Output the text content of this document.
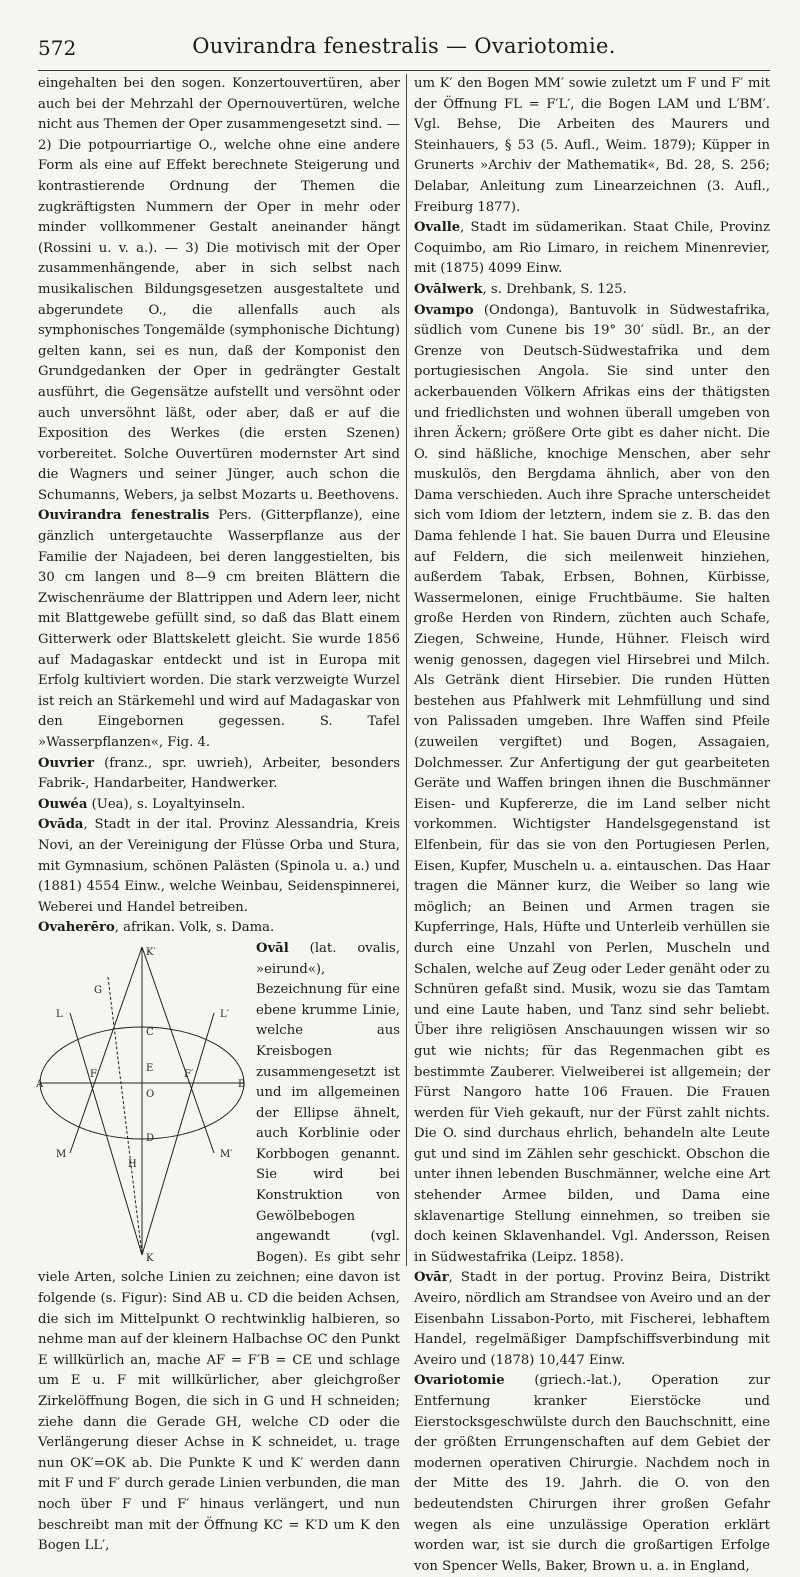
572	Ouvirandra fenestralis — Ovariotomie.

eingehalten bei den sogen. Konzertouvertüren, aber auch bei der Mehrzahl der Opernouvertüren, welche nicht aus Themen der Oper zusammengesetzt sind. — 2) Die potpourriartige O., welche ohne eine andere Form als eine auf Effekt berechnete Steigerung und kontrastierende Ordnung der Themen die zugkräftigsten Nummern der Oper in mehr oder minder vollkommener Gestalt aneinander hängt (Rossini u. v. a.). — 3) Die motivisch mit der Oper zusammenhängende, aber in sich selbst nach musikalischen Bildungsgesetzen ausgestaltete und abgerundete O., die allenfalls auch als symphonisches Tongemälde (symphonische Dichtung) gelten kann, sei es nun, daß der Komponist den Grundgedanken der Oper in gedrängter Gestalt ausführt, die Gegensätze aufstellt und versöhnt oder auch unversöhnt läßt, oder aber, daß er auf die Exposition des Werkes (die ersten Szenen) vorbereitet. Solche Ouvertüren modernster Art sind die Wagners und seiner Jünger, auch schon die Schumanns, Webers, ja selbst Mozarts u. Beethovens.

Ouvirandra fenestralis Pers. (Gitterpflanze), eine gänzlich untergetauchte Wasserpflanze aus der Familie der Najadeen, bei deren langgestielten, bis 30 cm langen und 8—9 cm breiten Blättern die Zwischenräume der Blattrippen und Adern leer, nicht mit Blattgewebe gefüllt sind, so daß das Blatt einem Gitterwerk oder Blattskelett gleicht. Sie wurde 1856 auf Madagaskar entdeckt und ist in Europa mit Erfolg kultiviert worden. Die stark verzweigte Wurzel ist reich an Stärkemehl und wird auf Madagaskar von den Eingebornen gegessen. S. Tafel »Wasserpflanzen«, Fig. 4.

Ouvrier (franz., spr. uwrieh), Arbeiter, besonders Fabrik-, Handarbeiter, Handwerker.

Ouwéa (Uea), s. Loyaltyinseln.

Ovāda, Stadt in der ital. Provinz Alessandria, Kreis Novi, an der Vereinigung der Flüsse Orba und Stura, mit Gymnasium, schönen Palästen (Spinola u. a.) und (1881) 4554 Einw., welche Weinbau, Seidenspinnerei, Weberei und Handel betreiben.

Ovaherēro, afrikan. Volk, s. Dama.

K′
G
L	L′
A
F
E
F′
B
C
O
D
M
H
M′
K
Ovāl (lat. ovalis, »eirund«), Bezeichnung für eine ebene krumme Linie, welche aus Kreisbogen zusammengesetzt ist und im allgemeinen der Ellipse ähnelt, auch Korblinie oder Korbbogen genannt. Sie wird bei Konstruktion von Gewölbebogen angewandt (vgl. Bogen). Es gibt sehr viele Arten, solche Linien zu zeichnen; eine davon ist folgende (s. Figur): Sind AB u. CD die beiden Achsen, die sich im Mittelpunkt O rechtwinklig halbieren, so nehme man auf der kleinern Halbachse OC den Punkt E willkürlich an, mache AF = F′B = CE und schlage um E u. F mit willkürlicher, aber gleichgroßer Zirkelöffnung Bogen, die sich in G und H schneiden; ziehe dann die Gerade GH, welche CD oder die Verlängerung dieser Achse in K schneidet, u. trage nun OK′=OK ab. Die Punkte K und K′ werden dann mit F und F′ durch gerade Linien verbunden, die man noch über F und F′ hinaus verlängert, und nun beschreibt man mit der Öffnung KC = K′D um K den Bogen LL′,

um K′ den Bogen MM′ sowie zuletzt um F und F′ mit der Öffnung FL = F′L′, die Bogen LAM und L′BM′. Vgl. Behse, Die Arbeiten des Maurers und Steinhauers, § 53 (5. Aufl., Weim. 1879); Küpper in Grunerts »Archiv der Mathematik«, Bd. 28, S. 256; Delabar, Anleitung zum Linearzeichnen (3. Aufl., Freiburg 1877).

Ovalle, Stadt im südamerikan. Staat Chile, Provinz Coquimbo, am Rio Limaro, in reichem Minenrevier, mit (1875) 4099 Einw.

Ovālwerk, s. Drehbank, S. 125.

Ovampo (Ondonga), Bantuvolk in Südwestafrika, südlich vom Cunene bis 19° 30′ südl. Br., an der Grenze von Deutsch-Südwestafrika und dem portugiesischen Angola. Sie sind unter den ackerbauenden Völkern Afrikas eins der thätigsten und friedlichsten und wohnen überall umgeben von ihren Äckern; größere Orte gibt es daher nicht. Die O. sind häßliche, knochige Menschen, aber sehr muskulös, den Bergdama ähnlich, aber von den Dama verschieden. Auch ihre Sprache unterscheidet sich vom Idiom der letztern, indem sie z. B. das den Dama fehlende l hat. Sie bauen Durra und Eleusine auf Feldern, die sich meilenweit hinziehen, außerdem Tabak, Erbsen, Bohnen, Kürbisse, Wassermelonen, einige Fruchtbäume. Sie halten große Herden von Rindern, züchten auch Schafe, Ziegen, Schweine, Hunde, Hühner. Fleisch wird wenig genossen, dagegen viel Hirsebrei und Milch. Als Getränk dient Hirsebier. Die runden Hütten bestehen aus Pfahlwerk mit Lehmfüllung und sind von Palissaden umgeben. Ihre Waffen sind Pfeile (zuweilen vergiftet) und Bogen, Assagaien, Dolchmesser. Zur Anfertigung der gut gearbeiteten Geräte und Waffen bringen ihnen die Buschmänner Eisen- und Kupfererze, die im Land selber nicht vorkommen. Wichtigster Handelsgegenstand ist Elfenbein, für das sie von den Portugiesen Perlen, Eisen, Kupfer, Muscheln u. a. eintauschen. Das Haar tragen die Männer kurz, die Weiber so lang wie möglich; an Beinen und Armen tragen sie Kupferringe, Hals, Hüfte und Unterleib verhüllen sie durch eine Unzahl von Perlen, Muscheln und Schalen, welche auf Zeug oder Leder genäht oder zu Schnüren gefaßt sind. Musik, wozu sie das Tamtam und eine Laute haben, und Tanz sind sehr beliebt. Über ihre religiösen Anschauungen wissen wir so gut wie nichts; für das Regenmachen gibt es bestimmte Zauberer. Vielweiberei ist allgemein; der Fürst Nangoro hatte 106 Frauen. Die Frauen werden für Vieh gekauft, nur der Fürst zahlt nichts. Die O. sind durchaus ehrlich, behandeln alte Leute gut und sind im Zählen sehr geschickt. Obschon die unter ihnen lebenden Buschmänner, welche eine Art stehender Armee bilden, und Dama eine sklavenartige Stellung einnehmen, so treiben sie doch keinen Sklavenhandel. Vgl. Andersson, Reisen in Südwestafrika (Leipz. 1858).

Ovār, Stadt in der portug. Provinz Beira, Distrikt Aveiro, nördlich am Strandsee von Aveiro und an der Eisenbahn Lissabon-Porto, mit Fischerei, lebhaftem Handel, regelmäßiger Dampfschiffsverbindung mit Aveiro und (1878) 10,447 Einw.

Ovariotomie (griech.-lat.), Operation zur Entfernung kranker Eierstöcke und Eierstocksgeschwülste durch den Bauchschnitt, eine der größten Errungenschaften auf dem Gebiet der modernen operativen Chirurgie. Nachdem noch in der Mitte des 19. Jahrh. die O. von den bedeutendsten Chirurgen ihrer großen Gefahr wegen als eine unzulässige Operation erklärt worden war, ist sie durch die großartigen Erfolge von Spencer Wells, Baker, Brown u. a. in England,
